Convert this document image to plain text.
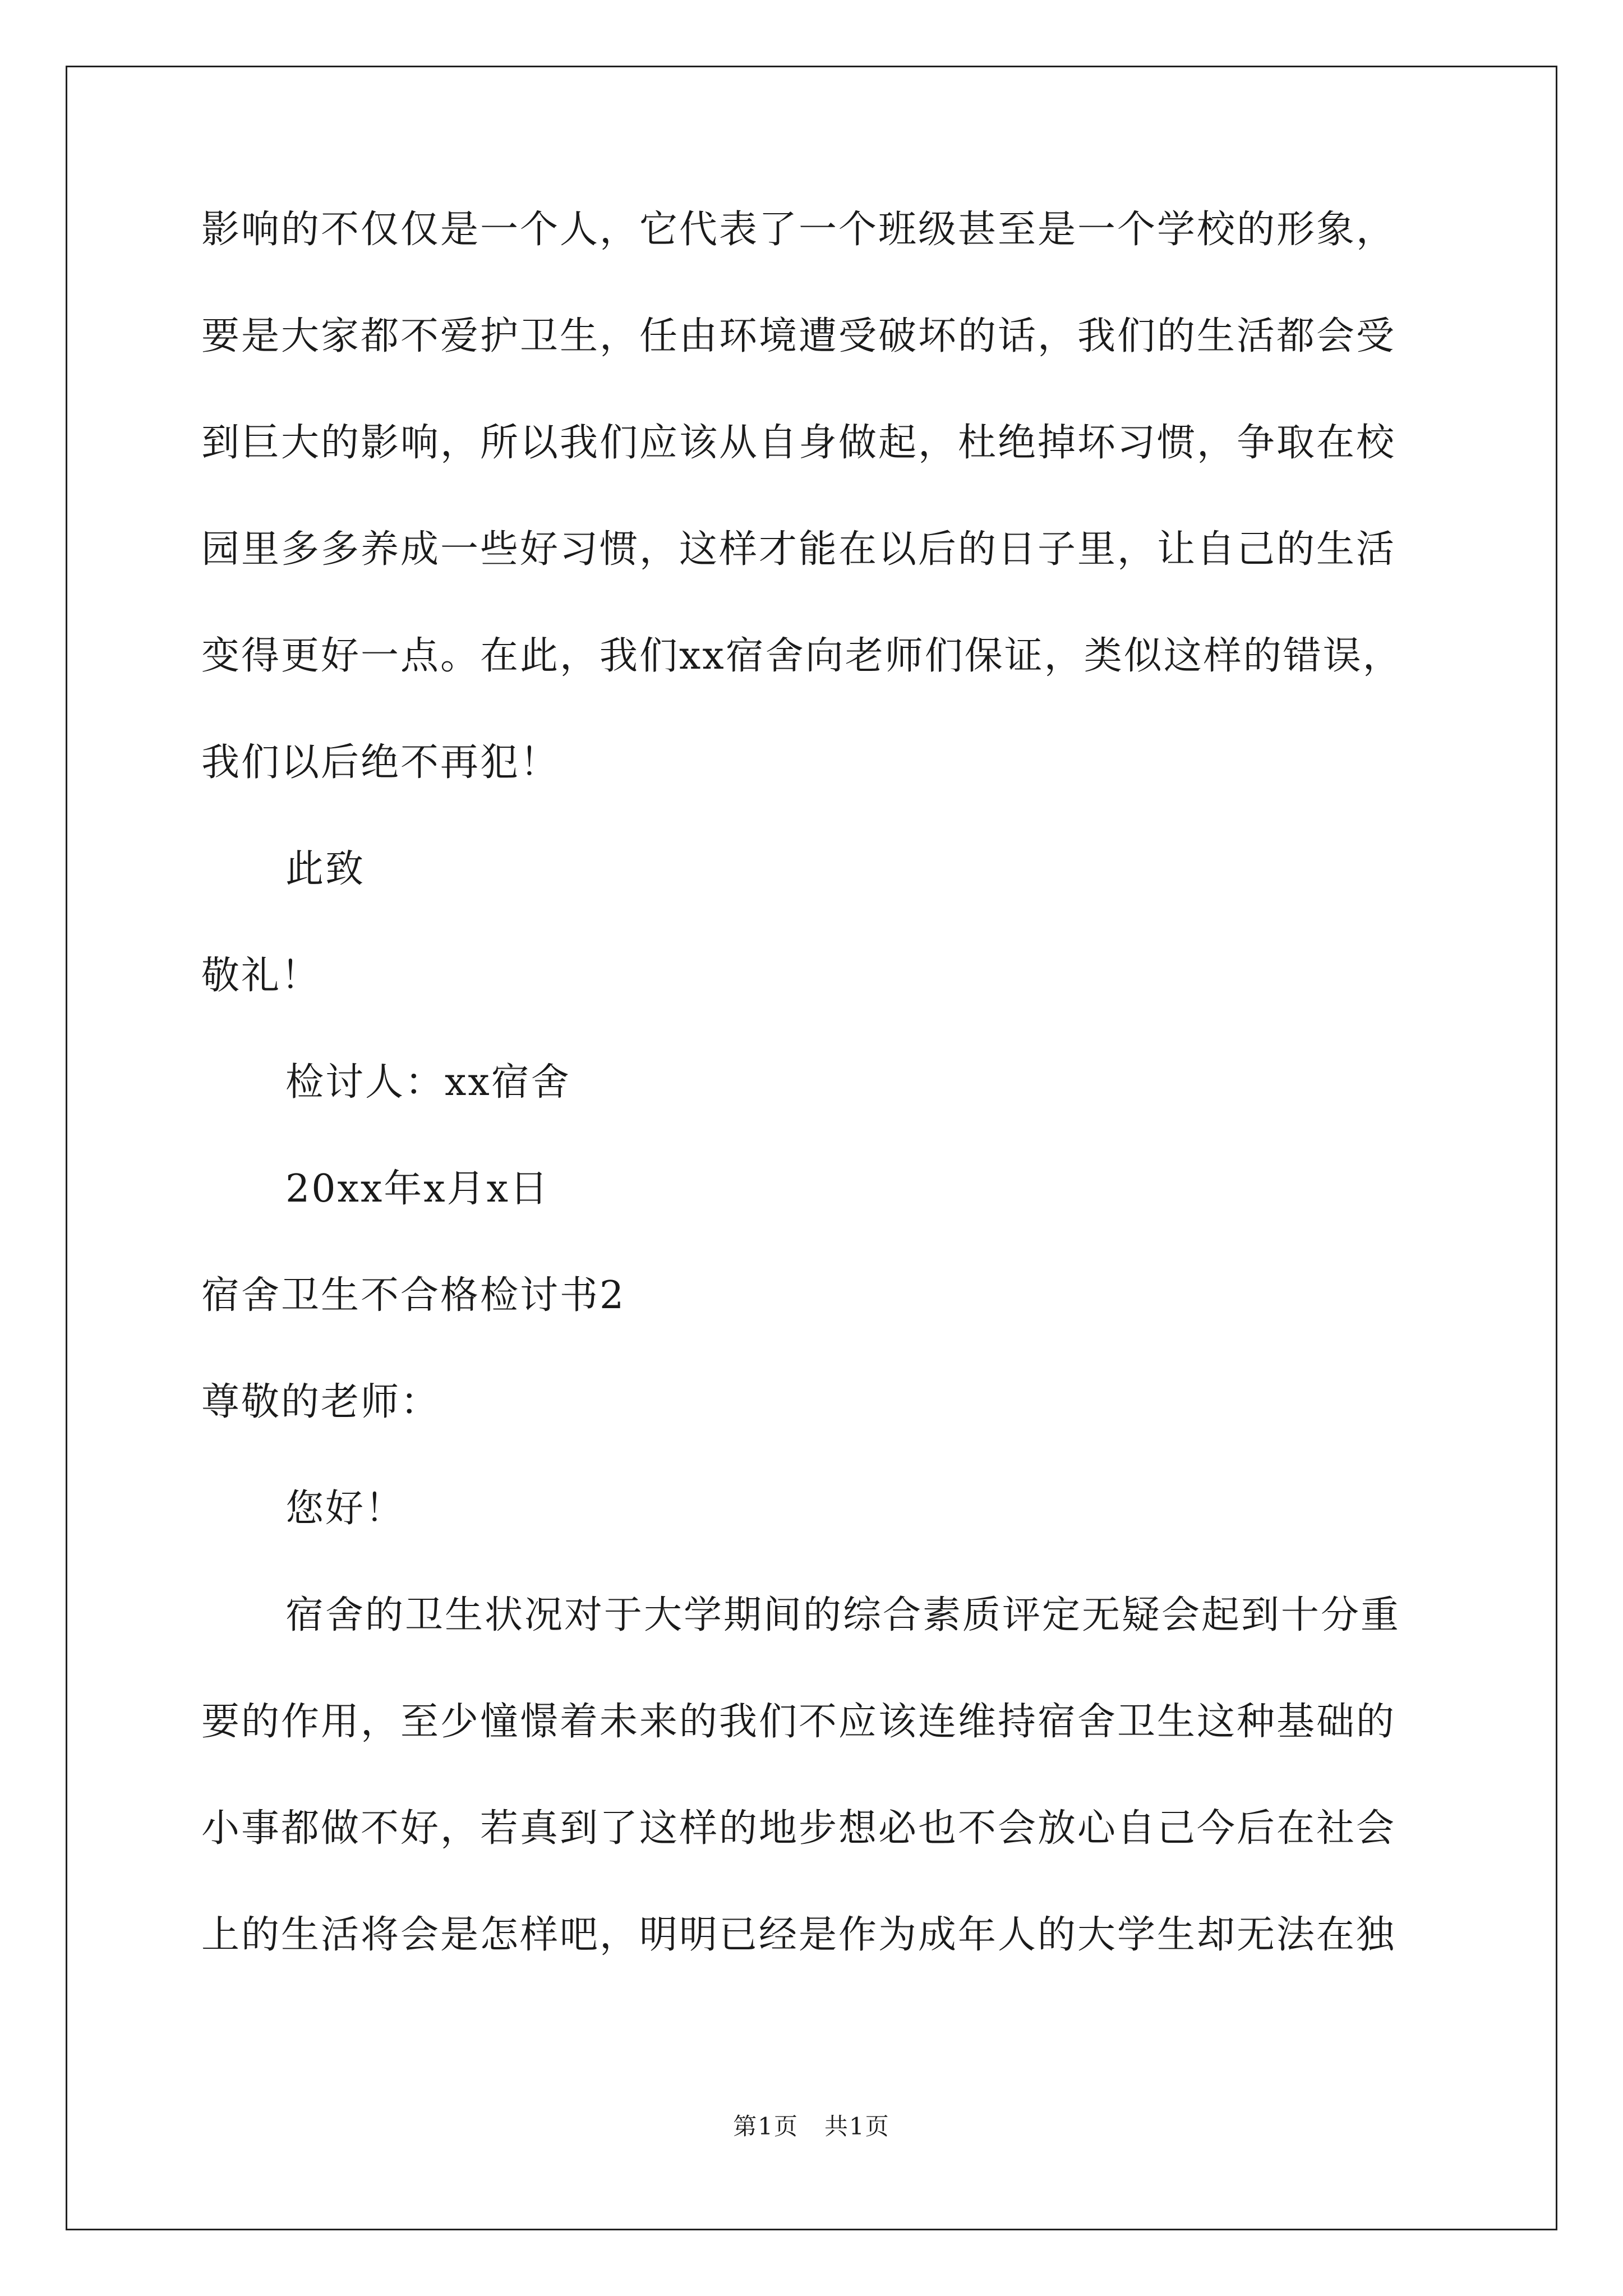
影响的不仅仅是一个人，它代表了一个班级甚至是一个学校的形象，
要是大家都不爱护卫生，任由环境遭受破坏的话，我们的生活都会受
到巨大的影响，所以我们应该从自身做起，杜绝掉坏习惯，争取在校
园里多多养成一些好习惯，这样才能在以后的日子里，让自己的生活
变得更好一点。在此，我们xx宿舍向老师们保证，类似这样的错误，
我们以后绝不再犯！
此致
敬礼！
检讨人：xx宿舍
20xx年x月x日
宿舍卫生不合格检讨书2
尊敬的老师：
您好！
宿舍的卫生状况对于大学期间的综合素质评定无疑会起到十分重
要的作用，至少憧憬着未来的我们不应该连维持宿舍卫生这种基础的
小事都做不好，若真到了这样的地步想必也不会放心自己今后在社会
上的生活将会是怎样吧，明明已经是作为成年人的大学生却无法在独
第1页   共1页
